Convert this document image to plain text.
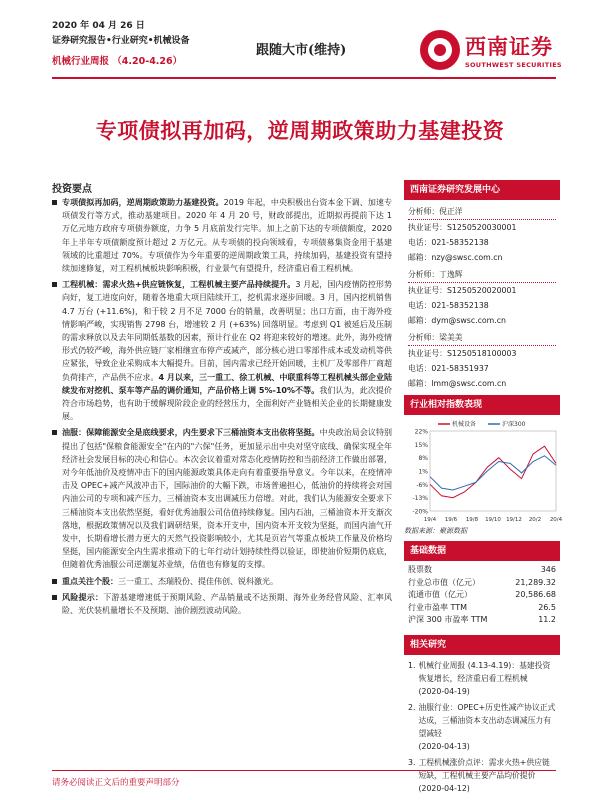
2020 年 04 月 26 日
证券研究报告•行业研究•机械设备
机械行业周报 （4.20-4.26）
跟随大市(维持)	西南证券
SOUTHWEST SECURITIES
专项债拟再加码，逆周期政策助力基建投资
投资要点
专项债拟再加码，逆周期政策助力基建投资。2019 年起，中央积极出台资本金下调、加速专项债发行等方式，推动基建项目。2020 年 4 月 20 号，财政部提出，近期拟再提前下达 1 万亿元地方政府专项债券额度，力争 5 月底前发行完毕。加上之前下达的专项债额度，2020 年上半年专项债额度预计超过 2 万亿元。从专项债的投向领域看，专项债募集资金用于基建领域的比重超过 70%。专项债作为今年重要的逆周期政策工具，持续加码，基建投资有望持续加速修复，对工程机械板块影响积极，行业景气有望提升，经济重启看工程机械。
工程机械：需求火热+供应链恢复，工程机械主要产品持续提升。3 月起，国内疫情防控形势向好，复工进度向好，随着各地重大项目陆续开工，挖机需求逐步回暖。3 月，国内挖机销售 4.7 万台 (+11.6%)，和于较 2 月不足 7000 台的销量，改善明显；出口方面，由于海外疫情影响严峻，实现销售 2798 台，增速较 2 月 (+63%) 回落明显。考虑到 Q1 被延后及压制的需求释放以及去年同期低基数的因素，预计行业在 Q2 将迎来较好的增速。此外，海外疫情形式仍较严峻，海外供应链厂家相继宣布停产或减产，部分核心进口零部件成本或发动机等供应紧张，导致企业采购成本大幅提升。目前，国内需求已经开始回暖，主机厂及零部件厂商超负荷排产，产品供不应求。4 月以来，三一重工、徐工机械、中联重科等工程机械头部企业陆续发布对挖机、泵车等产品的调价通知，产品价格上调 5%-10%不等。我们认为，此次提价符合市场趋势，也有助于缓解现阶段企业的经营压力，全面利好产业链相关企业的长期健康发展。
油服：保障能源安全是底线要求，内生要求下三桶油资本支出依将坚挺。中央政治局会议特别提出了包括"保粮食能源安全"在内的"六保"任务，更加显示出中央对坚守底线、确保实现全年经济社会发展目标的决心和信心。本次会议着重对常态化疫情防控和当前经济工作做出部署，对今年低油价及疫情冲击下的国内能源政策具体走向有着重要指导意义。今年以来，在疫情冲击及 OPEC+减产风波冲击下，国际油价的大幅下跌，市场普遍担心，低油价的持续将会对国内油公司的专项和减产压力，三桶油资本支出调减压力倍增。对此，我们认为能源安全要求下三桶油资本支出依然坚挺，看好优秀油服公司估值持续修复。国内石油，三桶油资本开支渐次落地，根据政策情况以及我们调研结果，资本开支中，国内资本开支较为坚挺，而国内油气开发中，长期看增长潜力更大的天然气投资影响较小，尤其是页岩气等重点板块工作量及价格均坚挺，国内能源安全内生需求推动下的七年行动计划持续性得以验证，即使油价短期仍底底，但随着优秀油服公司逆潮复苏业绩，估值也有修复的支撑。
重点关注个股：三一重工、杰瑞股份、提佳伟创、锐科激光。
风险提示：下游基建增速低于预期风险、产品销量或不达预期、海外业务经营风险、汇率风险、光伏装机量增长不及预期、油价剧烈波动风险。
西南证券研究发展中心
分析师：倪正洋
执业证号：S1250520030001
电话：021-58352138
邮箱：nzy@swsc.com.cn
分析师：丁逸辉
执业证号：S1250520020001
电话：021-58352138
邮箱：dym@swsc.com.cn
分析师：梁美美
执业证号：S1250518100003
电话：021-58351937
邮箱：lmm@swsc.com.cn
行业相对指数表现
22%
15%
8%
1%
-6%
-13%
-20%
19/4 19/6 19/8 19/10 19/12 20/2 20/4
机械设备	沪深300
数据来源：聚源数据
基础数据
股票数	346
行业总市值（亿元）	21,289.32
流通市值（亿元）	20,586.68
行业市盈率 TTM	26.5
沪深 300 市盈率 TTM	11.2
相关研究
1. 机械行业周报 (4.13-4.19)：基建投资恢复增长，经济重启看工程机械
(2020-04-19)
2. 油服行业：OPEC+历史性减产协议正式达成，三桶油资本支出动态调减压力有望减轻
(2020-04-13)
3. 工程机械涨价点评：需求火热+供应链短缺，工程机械主要产品均价提价
(2020-04-12)
请务必阅读正文后的重要声明部分
